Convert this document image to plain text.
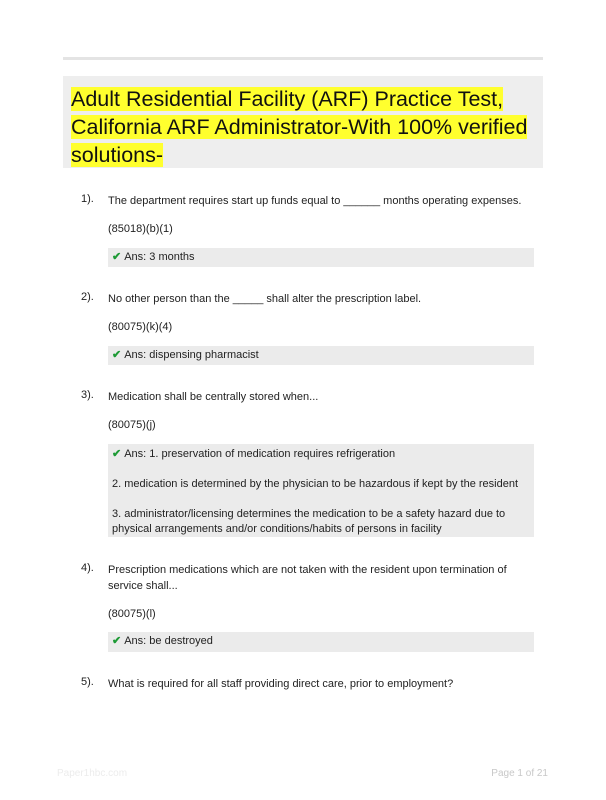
Adult Residential Facility (ARF) Practice Test, California ARF Administrator-With 100% verified solutions-
1). The department requires start up funds equal to ______ months operating expenses.
(85018)(b)(1)
✔ Ans: 3 months
2). No other person than the _____ shall alter the prescription label.
(80075)(k)(4)
✔ Ans: dispensing pharmacist
3). Medication shall be centrally stored when...
(80075)(j)
✔ Ans: 1. preservation of medication requires refrigeration
2. medication is determined by the physician to be hazardous if kept by the resident
3. administrator/licensing determines the medication to be a safety hazard due to physical arrangements and/or conditions/habits of persons in facility
4). Prescription medications which are not taken with the resident upon termination of service shall...
(80075)(l)
✔ Ans: be destroyed
5). What is required for all staff providing direct care, prior to employment?
Paper1hbc.com	Page 1 of 21
